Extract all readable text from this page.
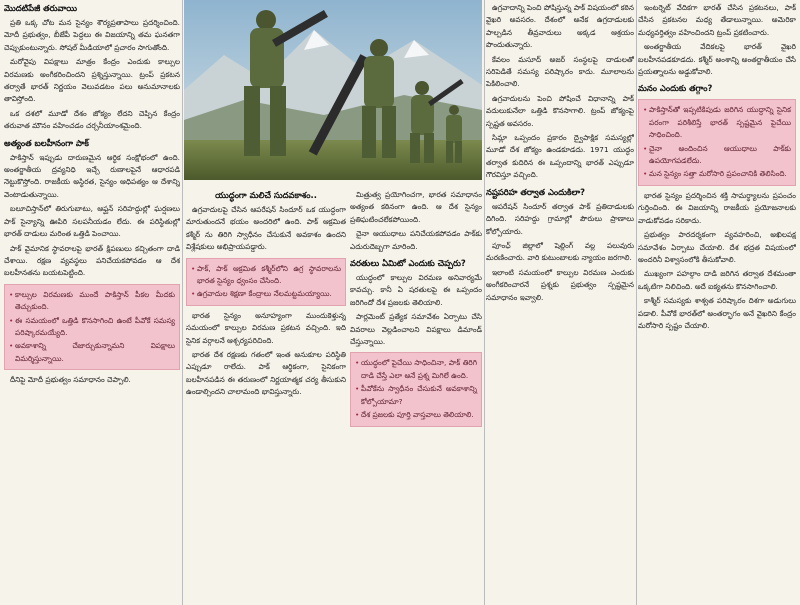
మొదటిపేజీ తరువాయి

ప్రతి ఒక్క చోట మన సైన్యం శౌర్యప్రతాపాలు ప్రదర్శించింది. మోదీ ప్రభుత్వం, బీజేపీ పెద్దలు ఈ విజయాన్ని తమ ఘనతగా చెప్పుకుంటున్నారు. సోషల్ మీడియాలో ప్రచారం సాగుతోంది.

మరోవైపు విపక్షాలు మాత్రం కేంద్రం ఎందుకు కాల్పుల విరమణకు అంగీకరించిందని ప్రశ్నిస్తున్నాయి. ట్రంప్ ప్రకటన తర్వాతే భారత్ నిర్ణయం వెలువడటం పలు అనుమానాలకు తావిస్తోంది.

ఒక దశలో మూడో దేశం జోక్యం లేదని చెప్పిన కేంద్రం తరువాత మౌనం వహించడం చర్చనీయాంశమైంది.

అత్యంత బలహీనంగా పాక్

పాకిస్తాన్ ఇప్పుడు దారుణమైన ఆర్థిక సంక్షోభంలో ఉంది. అంతర్జాతీయ ద్రవ్యనిధి ఇచ్చే రుణాలపైనే ఆధారపడి నెట్టుకొస్తోంది. రాజకీయ అస్థిరత, సైన్యం ఆధిపత్యం ఆ దేశాన్ని వెంటాడుతున్నాయి.

బలూచిస్తాన్‌లో తిరుగుబాటు, ఆఫ్ఘన్ సరిహద్దుల్లో ఘర్షణలు పాక్ సైన్యాన్ని ఊపిరి సలపనీయడం లేదు. ఈ పరిస్థితుల్లో భారత్ దాడులు మరింత ఒత్తిడి పెంచాయి.

పాక్ వైమానిక స్థావరాలపై భారత్ క్షిపణులు కచ్చితంగా దాడి చేశాయి. రక్షణ వ్యవస్థలు పనిచేయకపోవడం ఆ దేశ బలహీనతను బయటపెట్టింది.

• కాల్పుల విరమణకు ముందే పాకిస్తాన్ పీకల మీదకు తెచ్చుకుంది.
• ఈ సమయంలో ఒత్తిడి కొనసాగించి ఉంటే పీవోకే సమస్య పరిష్కారమయ్యేది.
• అవకాశాన్ని చేజార్చుకున్నామని విపక్షాలు విమర్శిస్తున్నాయి.

దీనిపై మోదీ ప్రభుత్వం సమాధానం చెప్పాలి.

యుద్ధంగా మలిచే సుదవకాశం..

ఉగ్రవాదులపై చేసిన ఆపరేషన్ సిందూర్ ఒక యుద్ధంగా మారుతుందనే భయం అందరిలో ఉంది. పాక్ ఆక్రమిత కశ్మీర్ ను తిరిగి స్వాధీనం చేసుకునే అవకాశం ఉందని విశ్లేషకులు అభిప్రాయపడ్డారు.

• పాక్, పాక్ ఆక్రమిత కశ్మీర్‌లోని ఉగ్ర స్థావరాలను భారత సైన్యం ధ్వంసం చేసింది.
• ఉగ్రవాదుల శిక్షణా కేంద్రాలు నేలమట్టమయ్యాయి.

భారత సైన్యం అనూహ్యంగా ముందుకెళ్తున్న సమయంలో కాల్పుల విరమణ ప్రకటన వచ్చింది. ఇది సైనిక వర్గాలనే ఆశ్చర్యపరిచింది.

భారత దేశ రక్షణకు గతంలో ఇంత అనుకూల పరిస్థితి ఎప్పుడూ రాలేదు. పాక్ ఆర్థికంగా, సైనికంగా బలహీనపడిన ఈ తరుణంలో నిర్ణయాత్మక చర్య తీసుకుని ఉండాల్సిందని చాలామంది భావిస్తున్నారు.

మిత్రుత్వ ప్రయోగించగా, భారత సమాధానం అత్యంత కఠినంగా ఉంది. ఆ దేశ సైన్యం ప్రతిఘటించలేకపోయింది.

చైనా ఆయుధాలు పనిచేయకపోవడం పాక్‌కు ఎదురుదెబ్బగా మారింది.

వరతులు ఏమిటో ఎందుకు చెప్పరు?

యుద్ధంలో కాల్పుల విరమణ అనివార్యమే కావచ్చు. కానీ ఏ షరతులపై ఈ ఒప్పందం జరిగిందో దేశ ప్రజలకు తెలియాలి.

పార్లమెంట్ ప్రత్యేక సమావేశం ఏర్పాటు చేసి వివరాలు వెల్లడించాలని విపక్షాలు డిమాండ్ చేస్తున్నాయి.

• యుద్ధంలో పైచేయి సాధించినా, పాక్ తిరిగి దాడి చేస్తే ఎలా అనే ప్రశ్న మిగిలే ఉంది.
• పీవోకేను స్వాధీనం చేసుకునే అవకాశాన్ని కోల్పోయామా?
• దేశ ప్రజలకు పూర్తి వాస్తవాలు తెలియాలి.

ఉగ్రవాదాన్ని పెంచి పోషిస్తున్న పాక్ విషయంలో కఠిన వైఖరి అవసరం. దేశంలో అనేక ఉగ్రదాడులకు పాల్పడిన తీవ్రవాదులు అక్కడ ఆశ్రయం పొందుతున్నారు.

కేవలం మసూద్ అజర్ సంస్థలపై దాడులతో సరిపెడితే సమస్య పరిష్కారం కాదు. మూలాలను పెకిలించాలి.

ఉగ్రవాదులను పెంచి పోషించే విధానాన్ని పాక్ వదులుకునేలా ఒత్తిడి కొనసాగాలి. ట్రంప్ జోక్యంపై స్పష్టత అవసరం.

సిమ్లా ఒప్పందం ప్రకారం ద్వైపాక్షిక సమస్యల్లో మూడో దేశ జోక్యం ఉండకూడదు. 1971 యుద్ధం తర్వాత కుదిరిన ఈ ఒప్పందాన్ని భారత్ ఎప్పుడూ గౌరవిస్తూ వచ్చింది.

నష్టపరిహ తర్వాత ఎందుకిలా?

ఆపరేషన్ సిందూర్ తర్వాత పాక్ ప్రతిదాడులకు దిగింది. సరిహద్దు గ్రామాల్లో పౌరులు ప్రాణాలు కోల్పోయారు.

పూంఛ్ జిల్లాలో షెల్లింగ్ వల్ల పలువురు మరణించారు. వారి కుటుంబాలకు న్యాయం జరగాలి.

ఇలాంటి సమయంలో కాల్పుల విరమణ ఎందుకు అంగీకరించారనే ప్రశ్నకు ప్రభుత్వం స్పష్టమైన సమాధానం ఇవ్వాలి.

ఇంటర్నెట్ వేదికగా భారత్ చేసిన ప్రకటనలు, పాక్ చేసిన ప్రకటనల మధ్య తేడాలున్నాయి. అమెరికా మధ్యవర్తిత్వం వహించిందని ట్రంప్ ప్రకటించారు.

అంతర్జాతీయ వేదికలపై భారత్ వైఖరి బలహీనపడకూడదు. కశ్మీర్ అంశాన్ని అంతర్జాతీయం చేసే ప్రయత్నాలను అడ్డుకోవాలి.

మనం ఎందుకు తగ్గాం?
• పాకిస్తాన్‌తో ఇప్పటికిపుడు జరిగిన యుద్ధాన్ని సైనిక పరంగా పరిశీలిస్తే భారత్ స్పష్టమైన పైచేయి సాధించింది.
• చైనా అందించిన ఆయుధాలు పాక్‌కు ఉపయోగపడలేదు.
• మన సైన్యం సత్తా మరోసారి ప్రపంచానికి తెలిసింది.

భారత సైన్యం ప్రదర్శించిన శక్తి సామర్థ్యాలను ప్రపంచం గుర్తించింది. ఈ విజయాన్ని రాజకీయ ప్రయోజనాలకు వాడుకోవడం సరికాదు.

ప్రభుత్వం పారదర్శకంగా వ్యవహరించి, అఖిలపక్ష సమావేశం ఏర్పాటు చేయాలి. దేశ భద్రత విషయంలో అందరినీ విశ్వాసంలోకి తీసుకోవాలి.

ముఖ్యంగా పహల్గాం దాడి జరిగిన తర్వాత దేశమంతా ఒక్కటిగా నిలిచింది. అదే ఐక్యతను కొనసాగించాలి.

కాశ్మీర్ సమస్యకు శాశ్వత పరిష్కారం దిశగా అడుగులు పడాలి. పీవోకే భారత్‌లో అంతర్భాగం అనే వైఖరిని కేంద్రం మరోసారి స్పష్టం చేయాలి.
